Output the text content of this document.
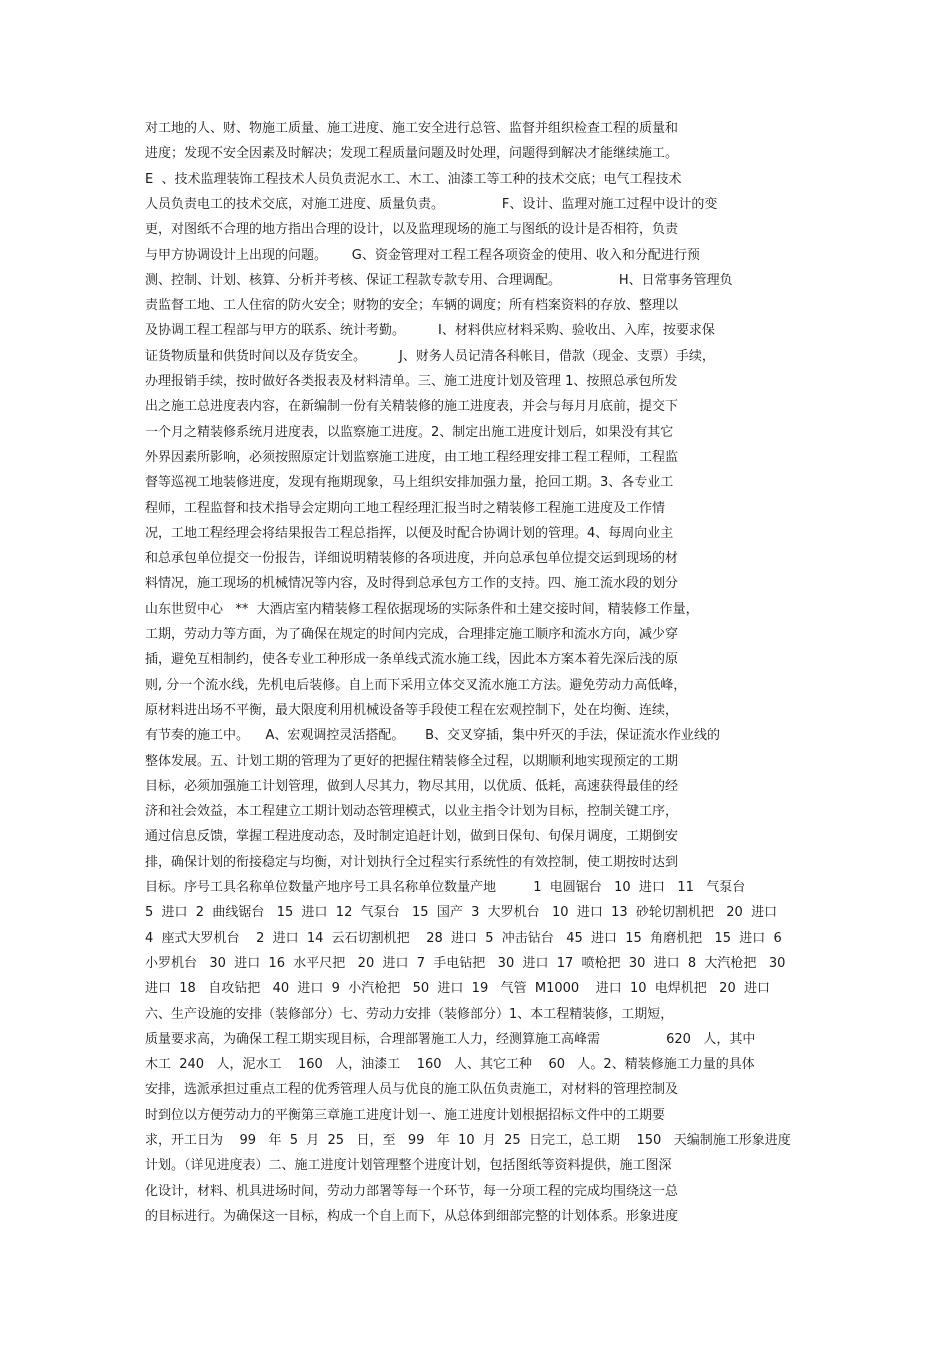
对工地的人、财、物施工质量、施工进度、施工安全进行总管、监督并组织检查工程的质量和
进度；发现不安全因素及时解决；发现工程质量问题及时处理，问题得到解决才能继续施工。
E  、技术监理装饰工程技术人员负责泥水工、木工、油漆工等工种的技术交底；电气工程技术
人员负责电工的技术交底，对施工进度、质量负责。              F、设计、监理对施工过程中设计的变
更，对图纸不合理的地方指出合理的设计，以及监理现场的施工与图纸的设计是否相符，负责
与甲方协调设计上出现的问题。      G、资金管理对工程工程各项资金的使用、收入和分配进行预
测、控制、计划、核算、分析并考核、保证工程款专款专用、合理调配。              H、日常事务管理负
责监督工地、工人住宿的防火安全；财物的安全；车辆的调度；所有档案资料的存放、整理以
及协调工程工程部与甲方的联系、统计考勤。        I、材料供应材料采购、验收出、入库，按要求保
证货物质量和供货时间以及存货安全。        J、财务人员记清各科帐目，借款（现金、支票）手续，
办理报销手续，按时做好各类报表及材料清单。三、施工进度计划及管理 1、按照总承包所发
出之施工总进度表内容，在新编制一份有关精装修的施工进度表，并会与每月月底前，提交下
一个月之精装修系统月进度表，以监察施工进度。2、制定出施工进度计划后，如果没有其它
外界因素所影响，必须按照原定计划监察施工进度，由工地工程经理安排工程工程师，工程监
督等巡视工地装修进度，发现有拖期现象，马上组织安排加强力量，抢回工期。3、各专业工
程师，工程监督和技术指导会定期向工地工程经理汇报当时之精装修工程施工进度及工作情
况，工地工程经理会将结果报告工程总指挥，以便及时配合协调计划的管理。4、每周向业主
和总承包单位提交一份报告，详细说明精装修的各项进度，并向总承包单位提交运到现场的材
料情况，施工现场的机械情况等内容，及时得到总承包方工作的支持。四、施工流水段的划分
山东世贸中心   **  大酒店室内精装修工程依据现场的实际条件和土建交接时间，精装修工作量，
工期，劳动力等方面，为了确保在规定的时间内完成，合理排定施工顺序和流水方向，减少穿
插，避免互相制约，使各专业工种形成一条单线式流水施工线，因此本方案本着先深后浅的原
则, 分一个流水线，先机电后装修。自上而下采用立体交叉流水施工方法。避免劳动力高低峰，
原材料进出场不平衡，最大限度利用机械设备等手段使工程在宏观控制下，处在均衡、连续，
有节奏的施工中。    A、宏观调控灵活搭配。     B、交叉穿插，集中歼灭的手法，保证流水作业线的
整体发展。五、计划工期的管理为了更好的把握住精装修全过程，以期顺利地实现预定的工期
目标，必须加强施工计划管理，做到人尽其力，物尽其用，以优质、低耗，高速获得最佳的经
济和社会效益，本工程建立工期计划动态管理模式，以业主指令计划为目标，控制关键工序，
通过信息反馈，掌握工程进度动态，及时制定追赶计划，做到日保旬、旬保月调度，工期倒安
排，确保计划的衔接稳定与均衡，对计划执行全过程实行系统性的有效控制，使工期按时达到
目标。序号工具名称单位数量产地序号工具名称单位数量产地         1  电圆锯台   10  进口   11   气泵台
5  进口  2  曲线锯台   15  进口  12  气泵台   15  国产  3  大罗机台   10  进口  13  砂轮切割机把   20  进口
4  座式大罗机台    2  进口  14  云石切割机把    28  进口  5  冲击钻台   45  进口  15  角磨机把   15  进口  6
小罗机台   30  进口  16  水平尺把   20  进口  7  手电钻把   30  进口  17  喷枪把  30  进口  8  大汽枪把   30
进口  18   自攻钻把   40  进口  9  小汽枪把   50  进口  19   气管  M1000    进口  10  电焊机把   20  进口
六、生产设施的安排（装修部分）七、劳动力安排（装修部分）1、本工程精装修，工期短，
质量要求高，为确保工程工期实现目标，合理部署施工人力，经测算施工高峰需                620   人，其中
木工  240   人，泥水工    160   人，油漆工    160   人、其它工种    60   人。2、精装修施工力量的具体
安排，选派承担过重点工程的优秀管理人员与优良的施工队伍负责施工，对材料的管理控制及
时到位以方便劳动力的平衡第三章施工进度计划一、施工进度计划根据招标文件中的工期要
求，开工日为    99   年  5  月  25   日，至   99   年  10  月  25  日完工，总工期    150   天编制施工形象进度
计划。（详见进度表）二、施工进度计划管理整个进度计划，包括图纸等资料提供，施工图深
化设计，材料、机具进场时间，劳动力部署等每一个环节，每一分项工程的完成均围绕这一总
的目标进行。为确保这一目标，构成一个自上而下，从总体到细部完整的计划体系。形象进度
